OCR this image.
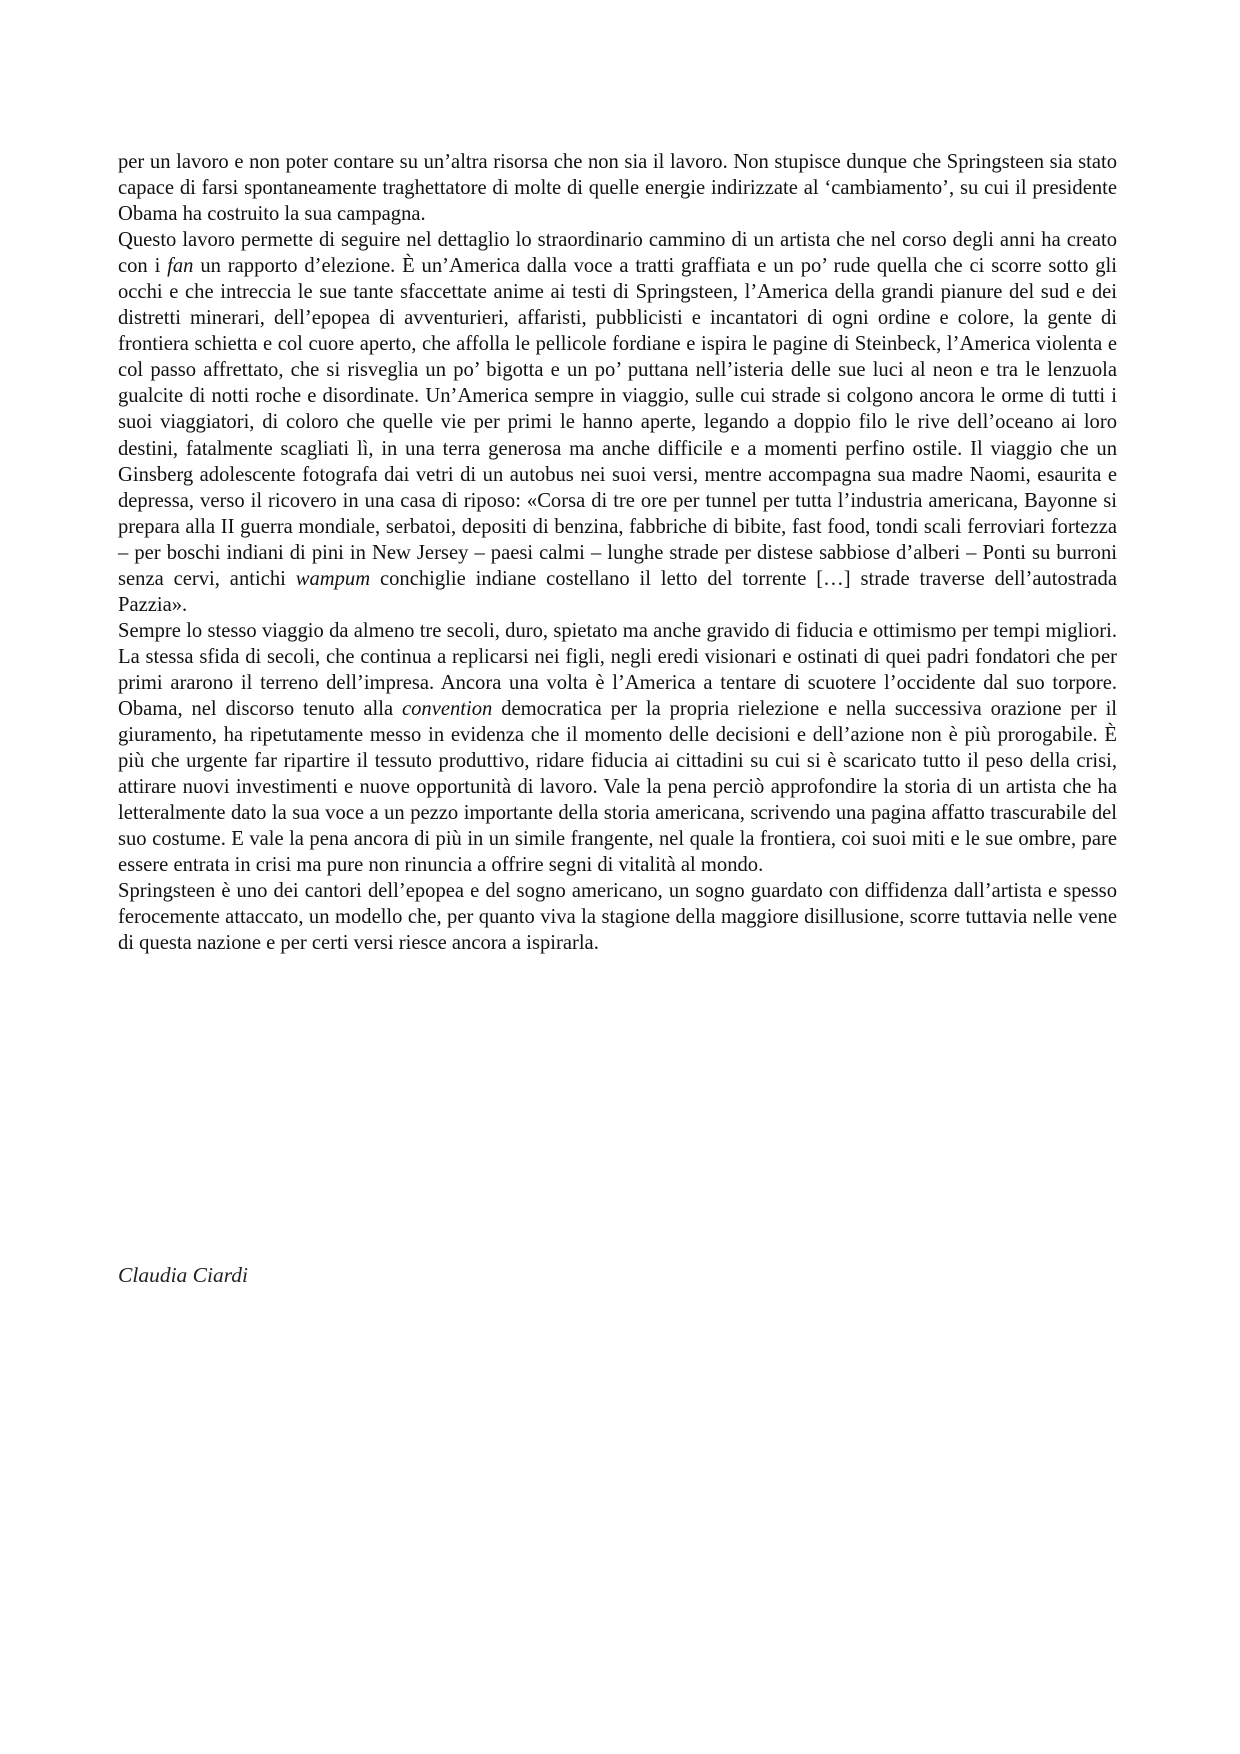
per un lavoro e non poter contare su un’altra risorsa che non sia il lavoro. Non stupisce dunque che Springsteen sia stato capace di farsi spontaneamente traghettatore di molte di quelle energie indirizzate al ‘cambiamento’, su cui il presidente Obama ha costruito la sua campagna.

Questo lavoro permette di seguire nel dettaglio lo straordinario cammino di un artista che nel corso degli anni ha creato con i fan un rapporto d’elezione. È un’America dalla voce a tratti graffiata e un po’ rude quella che ci scorre sotto gli occhi e che intreccia le sue tante sfaccettate anime ai testi di Springsteen, l’America della grandi pianure del sud e dei distretti minerari, dell’epopea di avventurieri, affaristi, pubblicisti e incantatori di ogni ordine e colore, la gente di frontiera schietta e col cuore aperto, che affolla le pellicole fordiane e ispira le pagine di Steinbeck, l’America violenta e col passo affrettato, che si risveglia un po’ bigotta e un po’ puttana nell’isteria delle sue luci al neon e tra le lenzuola gualcite di notti roche e disordinate. Un’America sempre in viaggio, sulle cui strade si colgono ancora le orme di tutti i suoi viaggiatori, di coloro che quelle vie per primi le hanno aperte, legando a doppio filo le rive dell’oceano ai loro destini, fatalmente scagliati lì, in una terra generosa ma anche difficile e a momenti perfino ostile. Il viaggio che un Ginsberg adolescente fotografa dai vetri di un autobus nei suoi versi, mentre accompagna sua madre Naomi, esaurita e depressa, verso il ricovero in una casa di riposo: «Corsa di tre ore per tunnel per tutta l’industria americana, Bayonne si prepara alla II guerra mondiale, serbatoi, depositi di benzina, fabbriche di bibite, fast food, tondi scali ferroviari fortezza – per boschi indiani di pini in New Jersey – paesi calmi – lunghe strade per distese sabbiose d’alberi – Ponti su burroni senza cervi, antichi wampum conchiglie indiane costellano il letto del torrente […] strade traverse dell’autostrada Pazzia».

Sempre lo stesso viaggio da almeno tre secoli, duro, spietato ma anche gravido di fiducia e ottimismo per tempi migliori. La stessa sfida di secoli, che continua a replicarsi nei figli, negli eredi visionari e ostinati di quei padri fondatori che per primi ararono il terreno dell’impresa. Ancora una volta è l’America a tentare di scuotere l’occidente dal suo torpore. Obama, nel discorso tenuto alla convention democratica per la propria rielezione e nella successiva orazione per il giuramento, ha ripetutamente messo in evidenza che il momento delle decisioni e dell’azione non è più prorogabile. È più che urgente far ripartire il tessuto produttivo, ridare fiducia ai cittadini su cui si è scaricato tutto il peso della crisi, attirare nuovi investimenti e nuove opportunità di lavoro. Vale la pena perciò approfondire la storia di un artista che ha letteralmente dato la sua voce a un pezzo importante della storia americana, scrivendo una pagina affatto trascurabile del suo costume. E vale la pena ancora di più in un simile frangente, nel quale la frontiera, coi suoi miti e le sue ombre, pare essere entrata in crisi ma pure non rinuncia a offrire segni di vitalità al mondo.

Springsteen è uno dei cantori dell’epopea e del sogno americano, un sogno guardato con diffidenza dall’artista e spesso ferocemente attaccato, un modello che, per quanto viva la stagione della maggiore disillusione, scorre tuttavia nelle vene di questa nazione e per certi versi riesce ancora a ispirarla.

Claudia Ciardi
